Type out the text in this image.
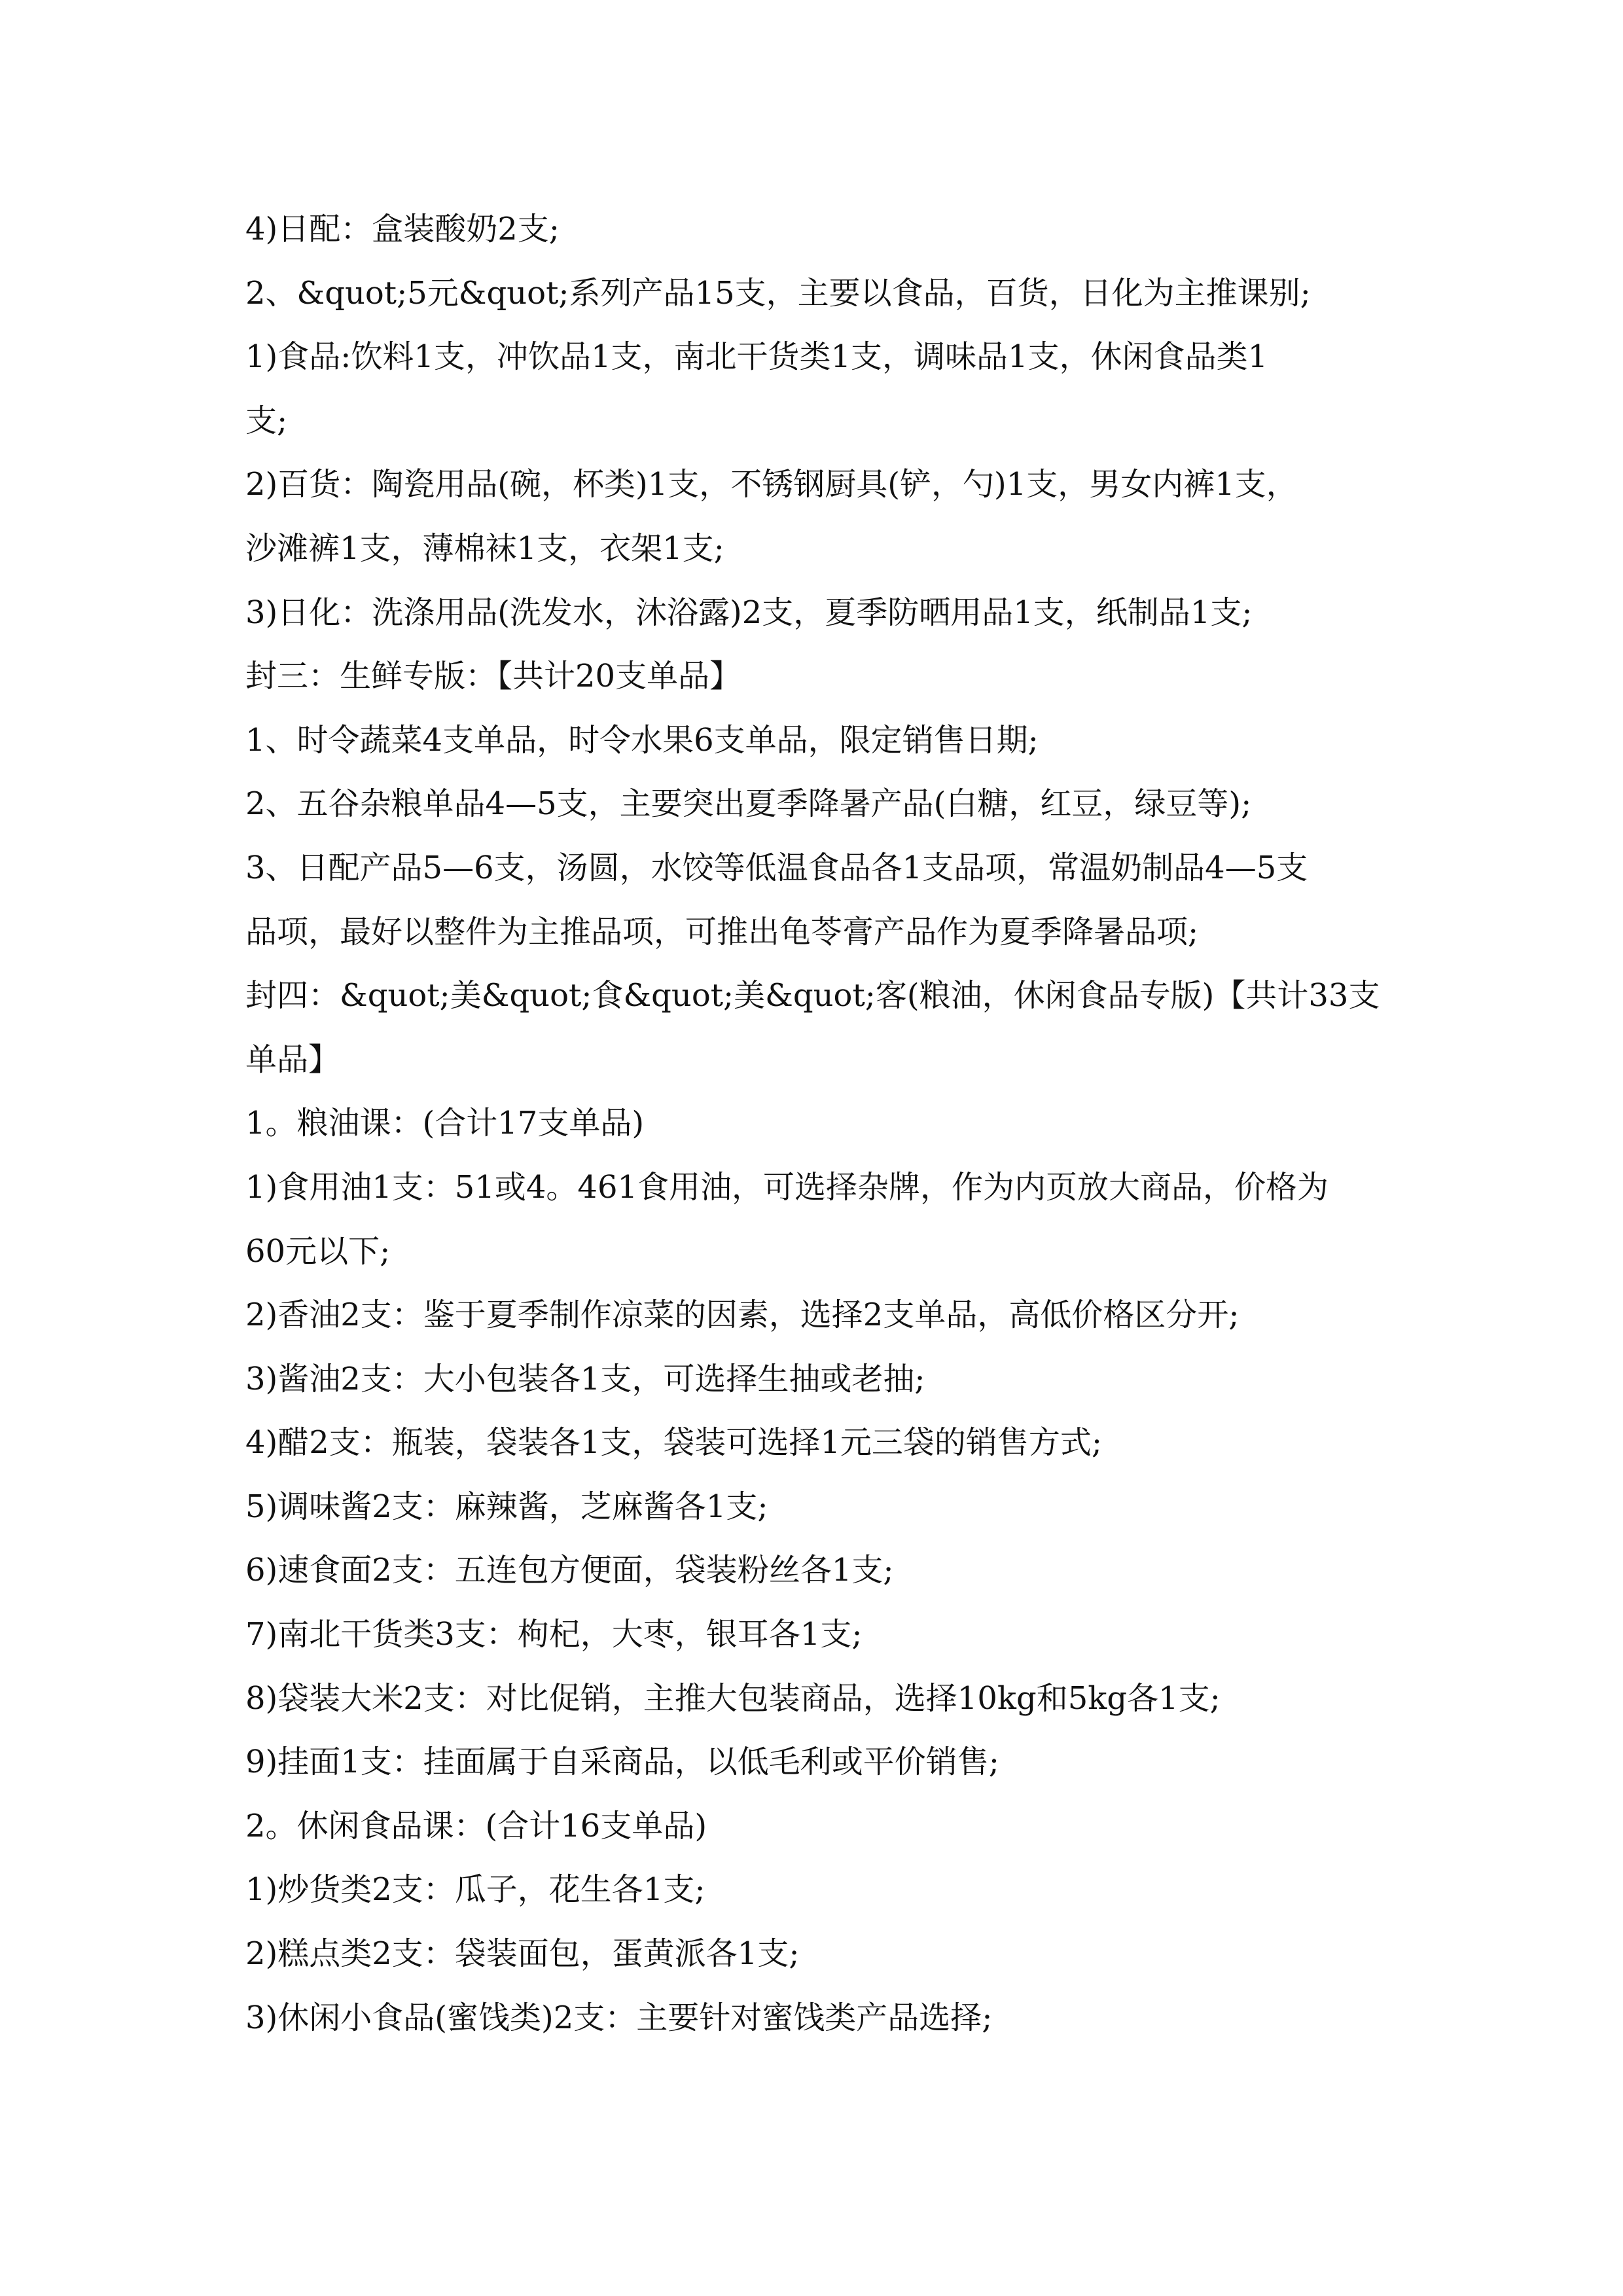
4)日配：盒装酸奶2支;
2、&quot;5元&quot;系列产品15支，主要以食品，百货，日化为主推课别;
1)食品:饮料1支，冲饮品1支，南北干货类1支，调味品1支，休闲食品类1
支;
2)百货：陶瓷用品(碗，杯类)1支，不锈钢厨具(铲，勺)1支，男女内裤1支，
沙滩裤1支，薄棉袜1支，衣架1支;
3)日化：洗涤用品(洗发水，沐浴露)2支，夏季防晒用品1支，纸制品1支;
封三：生鲜专版：【共计20支单品】
1、时令蔬菜4支单品，时令水果6支单品，限定销售日期;
2、五谷杂粮单品4—5支，主要突出夏季降暑产品(白糖，红豆，绿豆等);
3、日配产品5—6支，汤圆，水饺等低温食品各1支品项，常温奶制品4—5支
品项，最好以整件为主推品项，可推出龟苓膏产品作为夏季降暑品项;
封四：&quot;美&quot;食&quot;美&quot;客(粮油，休闲食品专版)【共计33支
单品】
1。粮油课：(合计17支单品)
1)食用油1支：51或4。461食用油，可选择杂牌，作为内页放大商品，价格为
60元以下;
2)香油2支：鉴于夏季制作凉菜的因素，选择2支单品，高低价格区分开;
3)酱油2支：大小包装各1支，可选择生抽或老抽;
4)醋2支：瓶装，袋装各1支，袋装可选择1元三袋的销售方式;
5)调味酱2支：麻辣酱，芝麻酱各1支;
6)速食面2支：五连包方便面，袋装粉丝各1支;
7)南北干货类3支：枸杞，大枣，银耳各1支;
8)袋装大米2支：对比促销，主推大包装商品，选择10kg和5kg各1支;
9)挂面1支：挂面属于自采商品，以低毛利或平价销售;
2。休闲食品课：(合计16支单品)
1)炒货类2支：瓜子，花生各1支;
2)糕点类2支：袋装面包，蛋黄派各1支;
3)休闲小食品(蜜饯类)2支：主要针对蜜饯类产品选择;
